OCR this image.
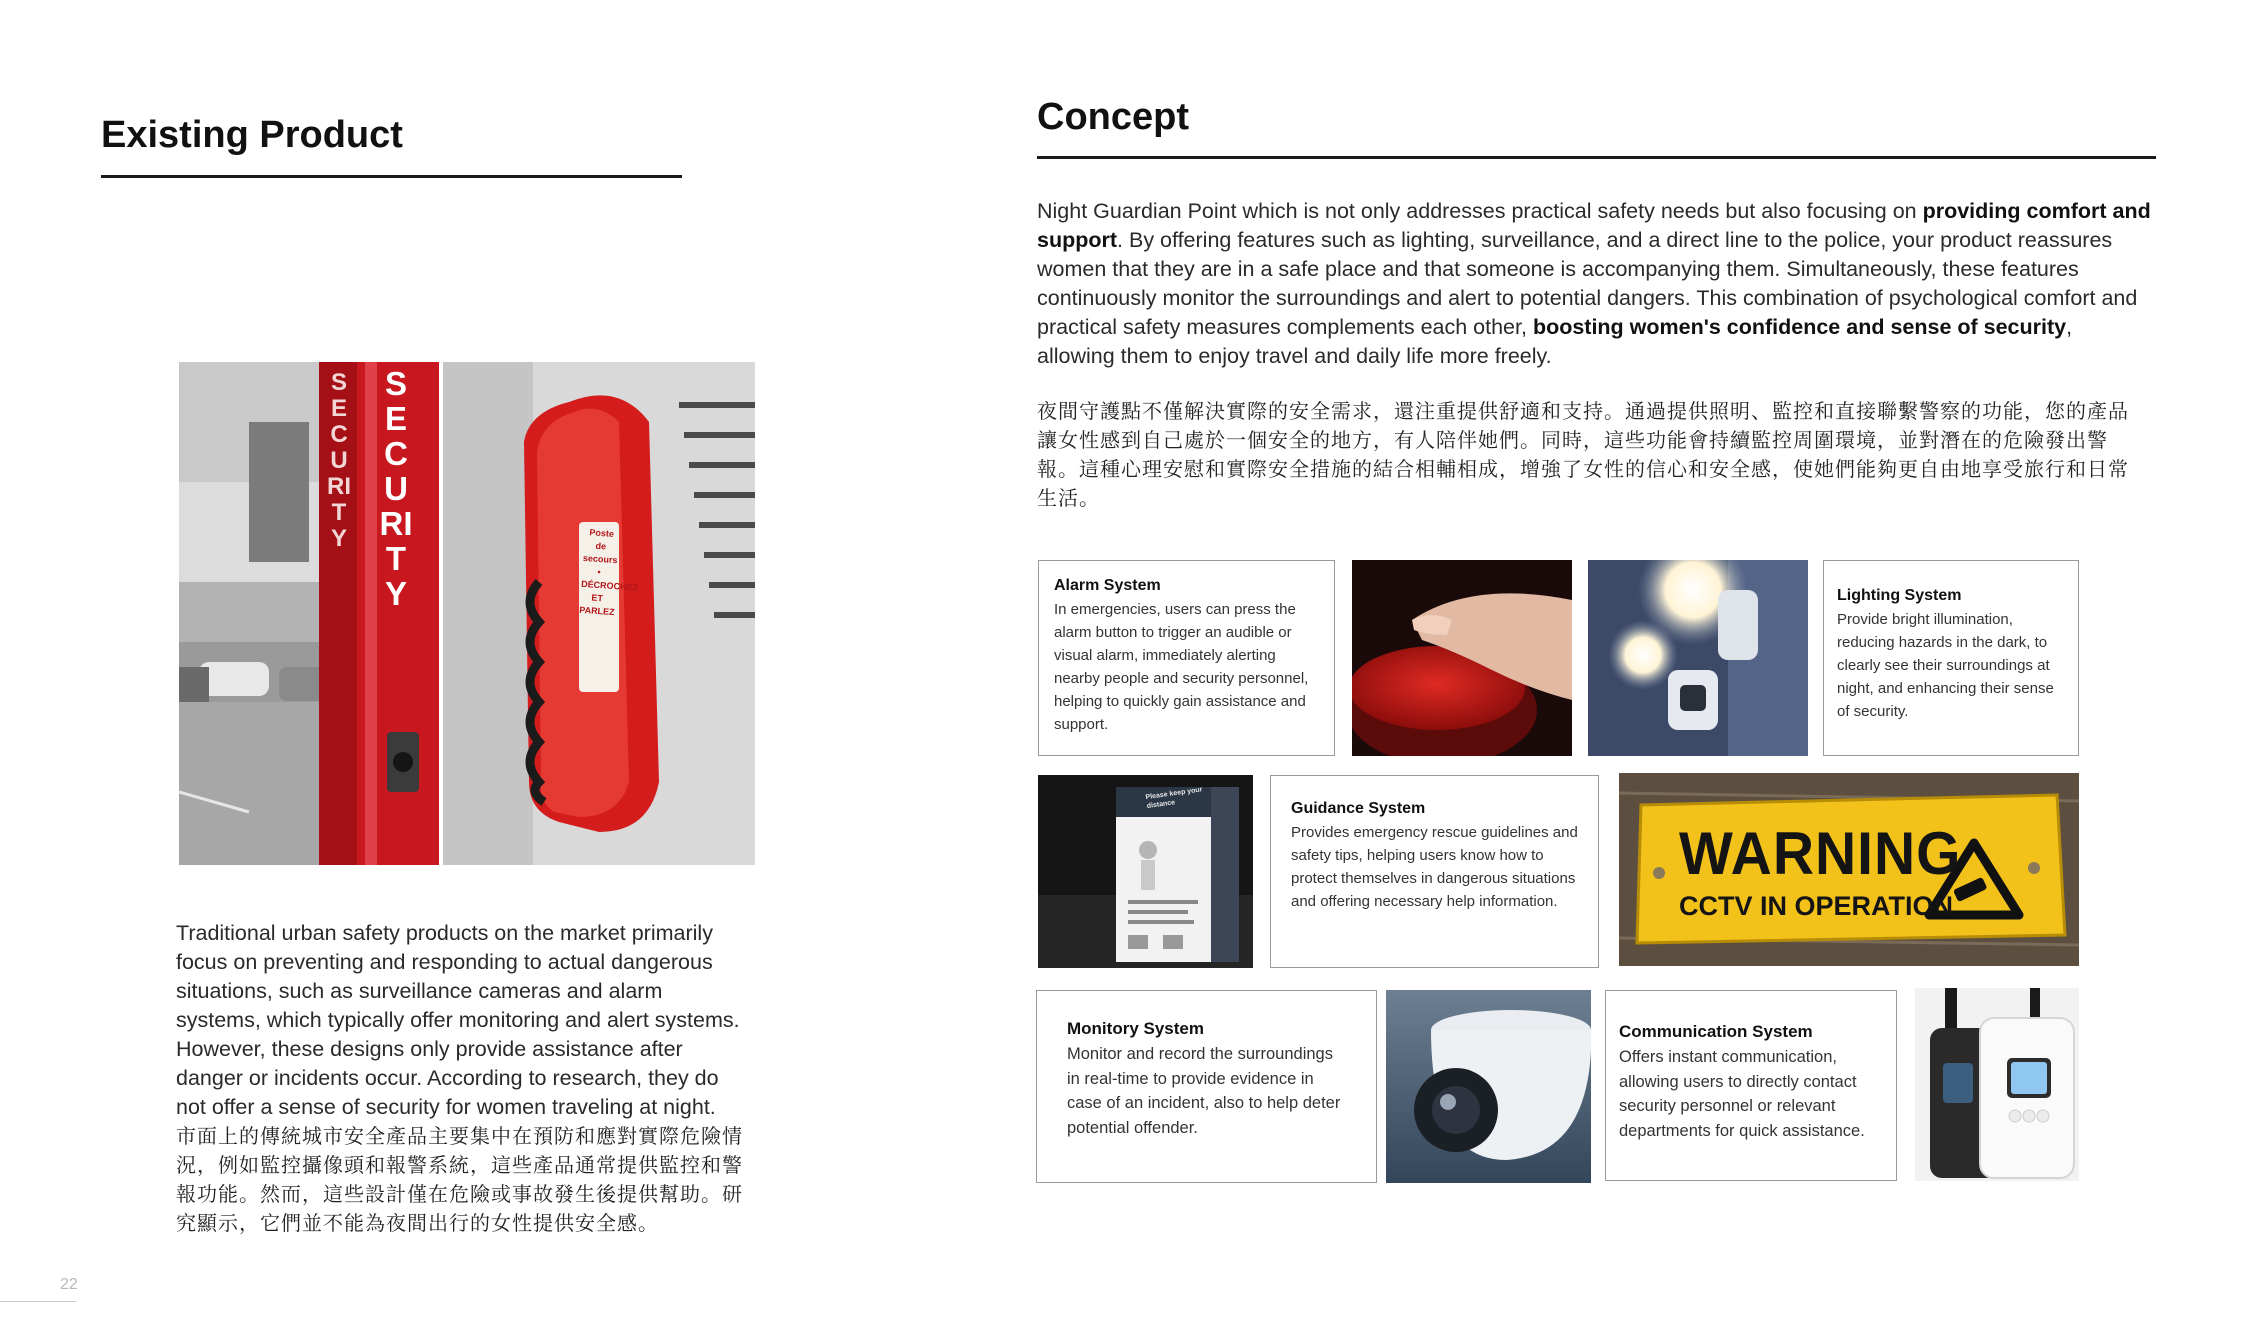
Existing Product
SECURITY
SECURITY
Poste
de
secours
•
DÉCROCHEZ
ET PARLEZ
Traditional urban safety products on the market primarily focus on preventing and responding to actual dangerous situations, such as surveillance cameras and alarm systems, which typically offer monitoring and alert systems. However, these designs only provide assistance after danger or incidents occur. According to research, they do not offer a sense of security for women traveling at night.
市面上的傳統城市安全產品主要集中在預防和應對實際危險情況，例如監控攝像頭和報警系統，這些產品通常提供監控和警報功能。然而，這些設計僅在危險或事故發生後提供幫助。研究顯示，它們並不能為夜間出行的女性提供安全感。
22
Concept
Night Guardian Point which is not only addresses practical safety needs but also focusing on providing comfort and support. By offering features such as lighting, surveillance, and a direct line to the police, your product reassures women that they are in a safe place and that someone is accompanying them. Simultaneously, these features continuously monitor the surroundings and alert to potential dangers. This combination of psychological comfort and practical safety measures complements each other, boosting women's confidence and sense of security, allowing them to enjoy travel and daily life more freely.
夜間守護點不僅解決實際的安全需求，還注重提供舒適和支持。通過提供照明、監控和直接聯繫警察的功能，您的產品讓女性感到自己處於一個安全的地方，有人陪伴她們。同時，這些功能會持續監控周圍環境，並對潛在的危險發出警報。這種心理安慰和實際安全措施的結合相輔相成，增強了女性的信心和安全感，使她們能夠更自由地享受旅行和日常生活。
Alarm System
In emergencies, users can press the alarm button to trigger an audible or visual alarm, immediately alerting nearby people and security personnel, helping to quickly gain assistance and support.
Lighting System
Provide bright illumination, reducing hazards in the dark, to clearly see their surroundings at night, and enhancing their sense of security.
Please keep your distance	Guidance System
Provides emergency rescue guidelines and safety tips, helping users know how to protect themselves in dangerous situations and offering necessary help information.
WARNING
CCTV IN OPERATION
Monitory System
Monitor and record the surroundings in real-time to provide evidence in case of an incident, also to help deter potential offender.
Communication System
Offers instant communication, allowing users to directly contact security personnel or relevant departments for quick assistance.
